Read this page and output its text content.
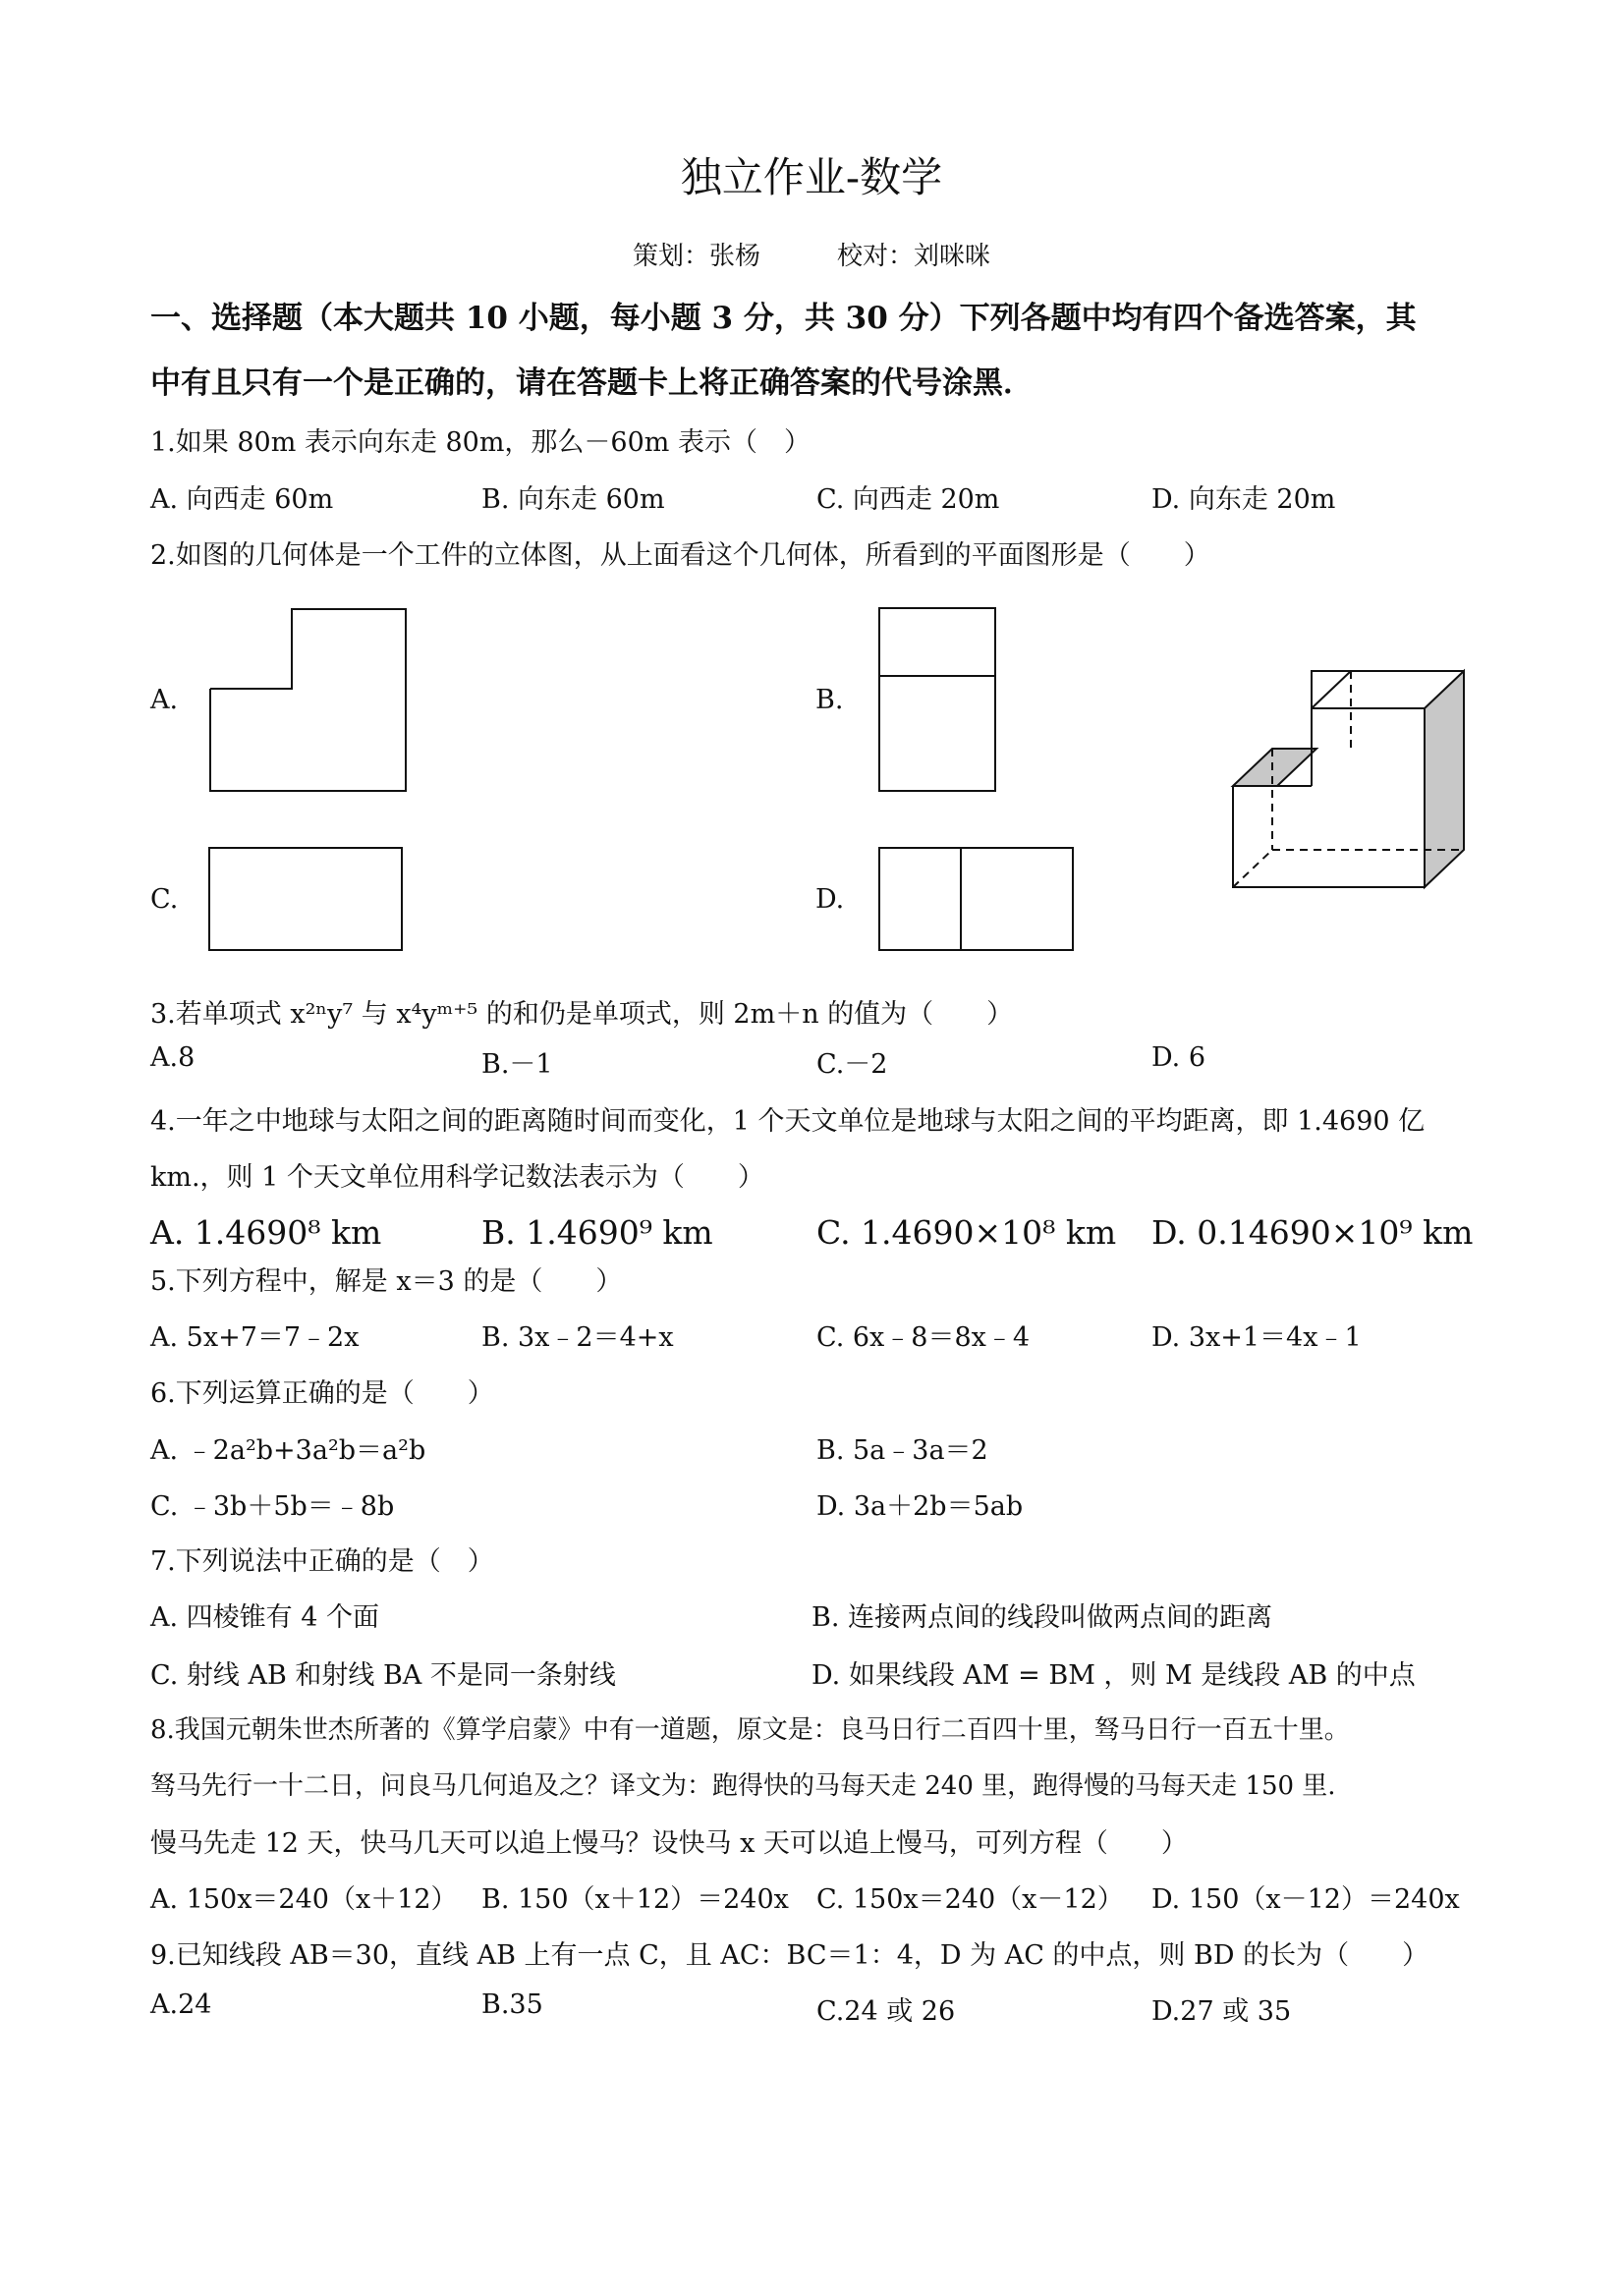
独立作业-数学
策划：张杨　　　校对：刘咪咪
一、选择题（本大题共 10 小题，每小题 3 分，共 30 分）下列各题中均有四个备选答案，其
中有且只有一个是正确的，请在答题卡上将正确答案的代号涂黑．
1.如果 80m 表示向东走 80m，那么－60m 表示（　）
A. 向西走 60m	B. 向东走 60m	C. 向西走 20m	D. 向东走 20m
2.如图的几何体是一个工件的立体图，从上面看这个几何体，所看到的平面图形是（　　）
A.	B.
C.	D.
3.若单项式 x²ⁿy⁷ 与 x⁴yᵐ⁺⁵ 的和仍是单项式，则 2m＋n 的值为（　　）
A.8	B.－1	C.－2	D. 6
4.一年之中地球与太阳之间的距离随时间而变化，1 个天文单位是地球与太阳之间的平均距离，即 1.4690 亿
km.，则 1 个天文单位用科学记数法表示为（　　）
A. 1.4690⁸ km	B. 1.4690⁹ km	C. 1.4690×10⁸ km D. 0.14690×10⁹ km
5.下列方程中，解是 x＝3 的是（　　）
A. 5x+7＝7﹣2x	B. 3x﹣2＝4+x	C. 6x﹣8＝8x﹣4	D. 3x+1＝4x﹣1
6.下列运算正确的是（　　）
A. ﹣2a²b+3a²b＝a²b	B. 5a﹣3a＝2
C. ﹣3b＋5b＝﹣8b	D. 3a＋2b＝5ab
7.下列说法中正确的是（　）
A. 四棱锥有 4 个面	B. 连接两点间的线段叫做两点间的距离
C. 射线 AB 和射线 BA 不是同一条射线	D. 如果线段 AM = BM ，则 M 是线段 AB 的中点
8.我国元朝朱世杰所著的《算学启蒙》中有一道题，原文是：良马日行二百四十里，驽马日行一百五十里。
驽马先行一十二日，问良马几何追及之？译文为：跑得快的马每天走 240 里，跑得慢的马每天走 150 里.
慢马先走 12 天，快马几天可以追上慢马？设快马 x 天可以追上慢马，可列方程（　　）
A. 150x＝240（x＋12） B. 150（x＋12）＝240x C. 150x＝240（x－12） D. 150（x－12）＝240x
9.已知线段 AB＝30，直线 AB 上有一点 C，且 AC：BC＝1：4，D 为 AC 的中点，则 BD 的长为（　　）
A.24	B.35	C.24 或 26	D.27 或 35
